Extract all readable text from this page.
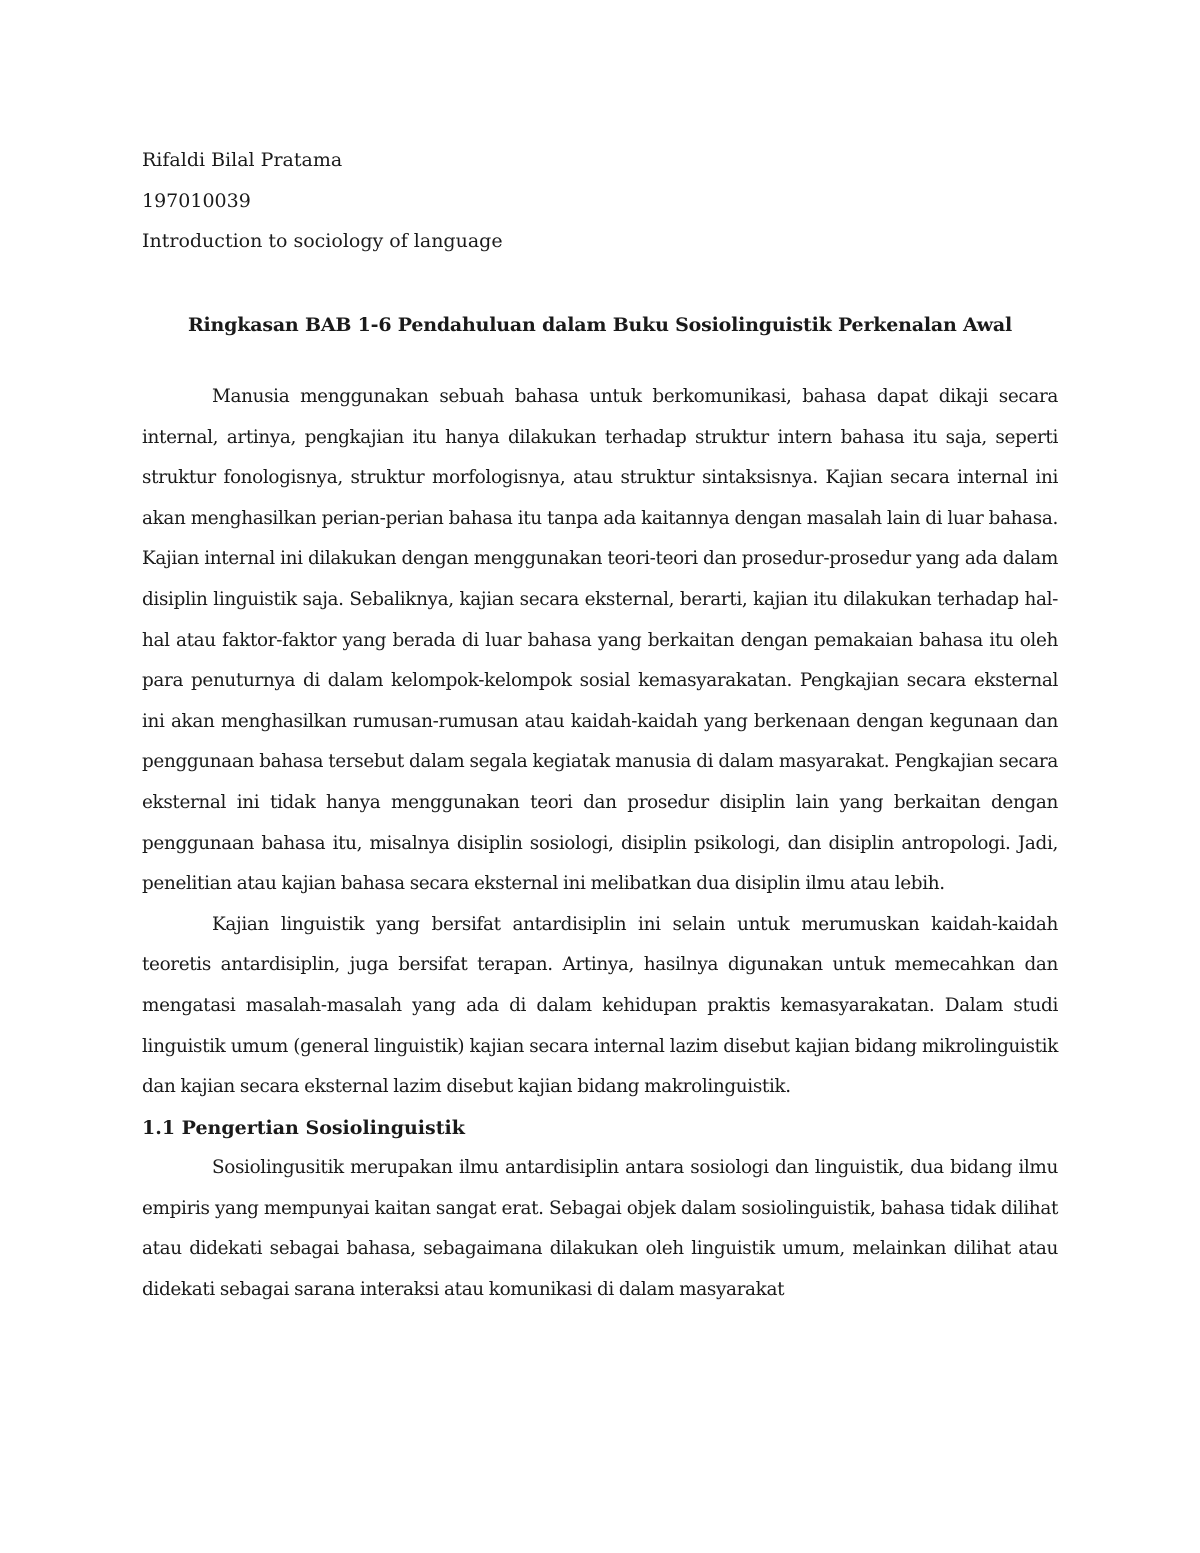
Rifaldi Bilal Pratama

197010039

Introduction to sociology of language

Ringkasan BAB 1-6 Pendahuluan dalam Buku Sosiolinguistik Perkenalan Awal

Manusia menggunakan sebuah bahasa untuk berkomunikasi, bahasa dapat dikaji secara internal, artinya, pengkajian itu hanya dilakukan terhadap struktur intern bahasa itu saja, seperti struktur fonologisnya, struktur morfologisnya, atau struktur sintaksisnya. Kajian secara internal ini akan menghasilkan perian-perian bahasa itu tanpa ada kaitannya dengan masalah lain di luar bahasa. Kajian internal ini dilakukan dengan menggunakan teori-teori dan prosedur-prosedur yang ada dalam disiplin linguistik saja. Sebaliknya, kajian secara eksternal, berarti, kajian itu dilakukan terhadap hal-hal atau faktor-faktor yang berada di luar bahasa yang berkaitan dengan pemakaian bahasa itu oleh para penuturnya di dalam kelompok-kelompok sosial kemasyarakatan. Pengkajian secara eksternal ini akan menghasilkan rumusan-rumusan atau kaidah-kaidah yang berkenaan dengan kegunaan dan penggunaan bahasa tersebut dalam segala kegiatak manusia di dalam masyarakat. Pengkajian secara eksternal ini tidak hanya menggunakan teori dan prosedur disiplin lain yang berkaitan dengan penggunaan bahasa itu, misalnya disiplin sosiologi, disiplin psikologi, dan disiplin antropologi. Jadi, penelitian atau kajian bahasa secara eksternal ini melibatkan dua disiplin ilmu atau lebih.

Kajian linguistik yang bersifat antardisiplin ini selain untuk merumuskan kaidah-kaidah teoretis antardisiplin, juga bersifat terapan. Artinya, hasilnya digunakan untuk memecahkan dan mengatasi masalah-masalah yang ada di dalam kehidupan praktis kemasyarakatan. Dalam studi linguistik umum (general linguistik) kajian secara internal lazim disebut kajian bidang mikrolinguistik dan kajian secara eksternal lazim disebut kajian bidang makrolinguistik.

1.1 Pengertian Sosiolinguistik

Sosiolingusitik merupakan ilmu antardisiplin antara sosiologi dan linguistik, dua bidang ilmu empiris yang mempunyai kaitan sangat erat. Sebagai objek dalam sosiolinguistik, bahasa tidak dilihat atau didekati sebagai bahasa, sebagaimana dilakukan oleh linguistik umum, melainkan dilihat atau didekati sebagai sarana interaksi atau komunikasi di dalam masyarakat
